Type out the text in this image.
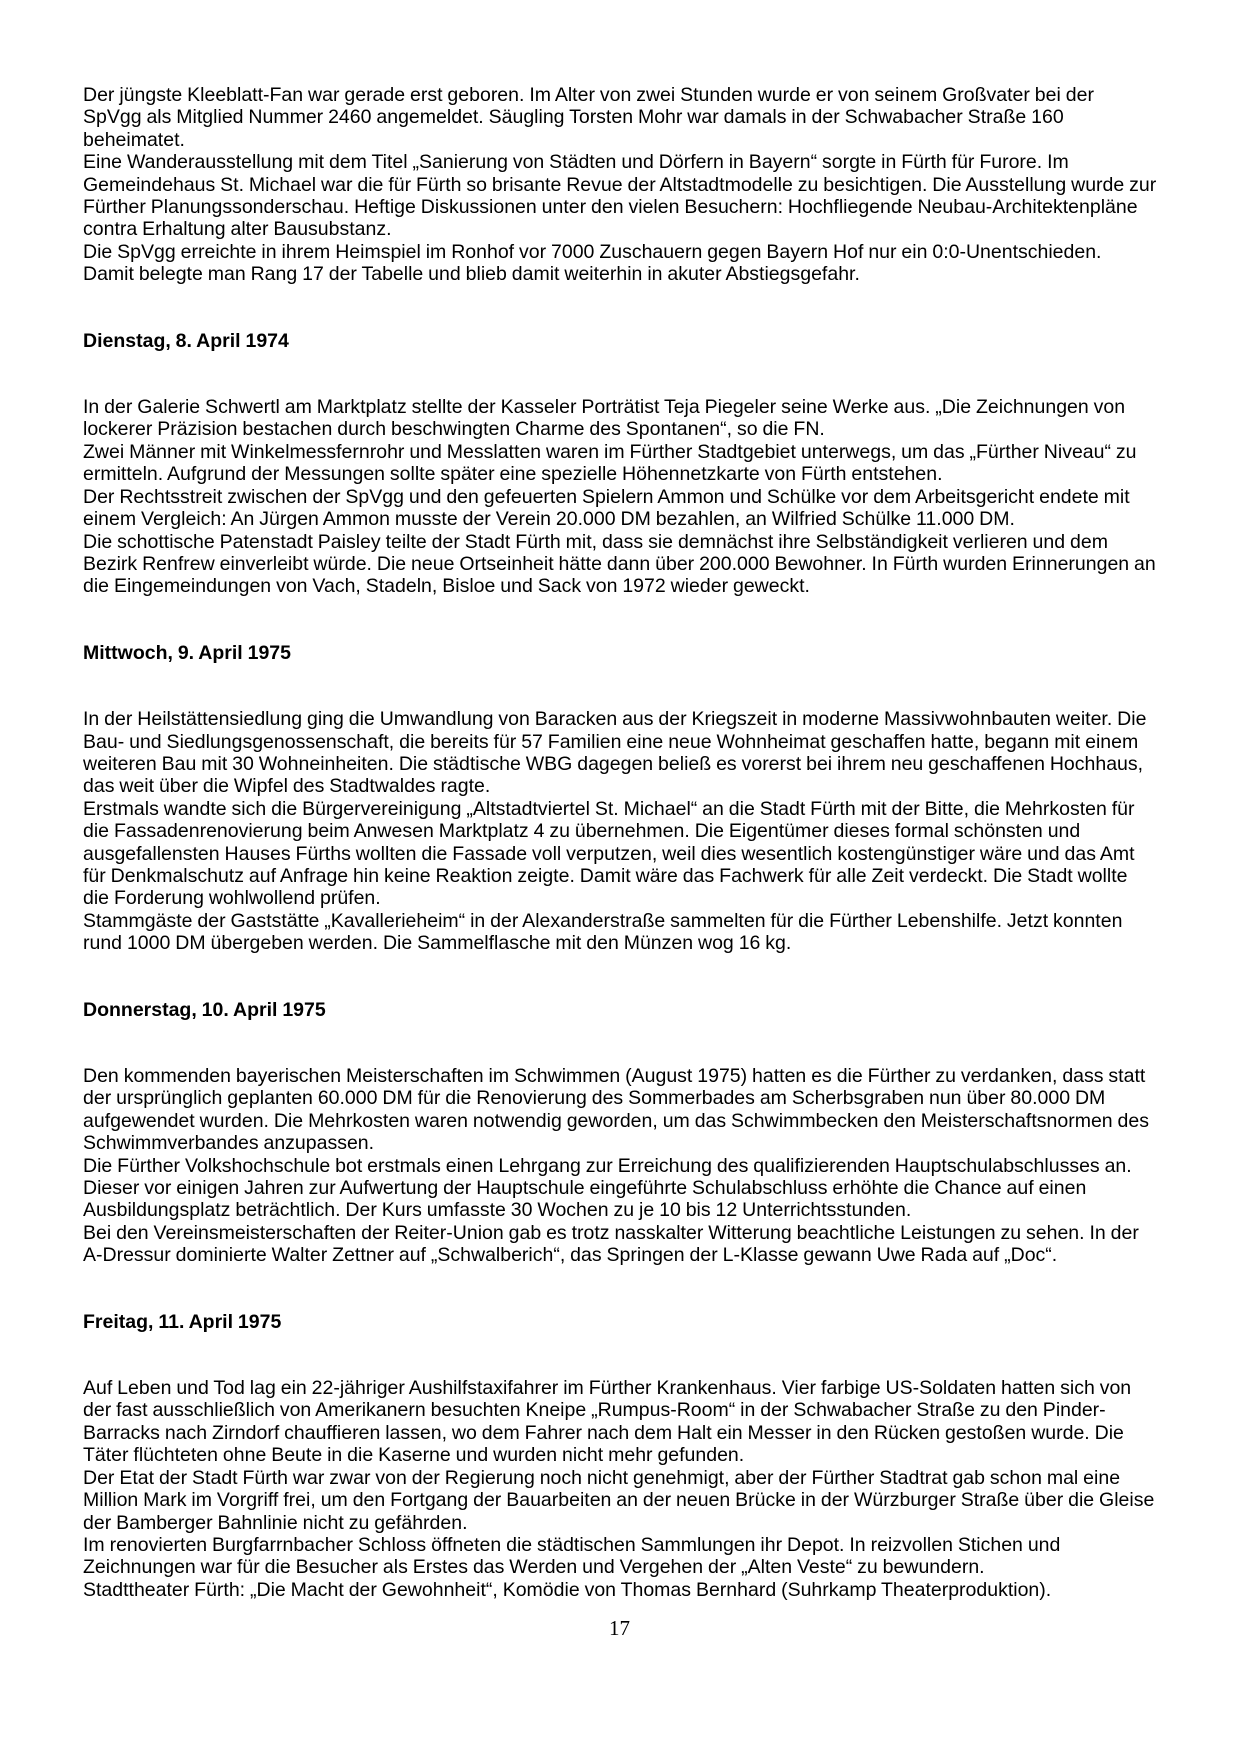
Der jüngste Kleeblatt-Fan war gerade erst geboren. Im Alter von zwei Stunden wurde er von seinem Großvater bei der SpVgg als Mitglied Nummer 2460 angemeldet. Säugling Torsten Mohr war damals in der Schwabacher Straße 160 beheimatet.

Eine Wanderausstellung mit dem Titel „Sanierung von Städten und Dörfern in Bayern“ sorgte in Fürth für Furore. Im Gemeindehaus St. Michael war die für Fürth so brisante Revue der Altstadtmodelle zu besichtigen. Die Ausstellung wurde zur Fürther Planungssonderschau. Heftige Diskussionen unter den vielen Besuchern: Hochfliegende Neubau-Architektenpläne contra Erhaltung alter Bausubstanz.

Die SpVgg erreichte in ihrem Heimspiel im Ronhof vor 7000 Zuschauern gegen Bayern Hof nur ein 0:0-Unentschieden. Damit belegte man Rang 17 der Tabelle und blieb damit weiterhin in akuter Abstiegsgefahr.

Dienstag, 8. April 1974

In der Galerie Schwertl am Marktplatz stellte der Kasseler Porträtist Teja Piegeler seine Werke aus. „Die Zeichnungen von lockerer Präzision bestachen durch beschwingten Charme des Spontanen“, so die FN.

Zwei Männer mit Winkelmessfernrohr und Messlatten waren im Fürther Stadtgebiet unterwegs, um das „Fürther Niveau“ zu ermitteln. Aufgrund der Messungen sollte später eine spezielle Höhennetzkarte von Fürth entstehen.

Der Rechtsstreit zwischen der SpVgg und den gefeuerten Spielern Ammon und Schülke vor dem Arbeitsgericht endete mit einem Vergleich: An Jürgen Ammon musste der Verein 20.000 DM bezahlen, an Wilfried Schülke 11.000 DM.

Die schottische Patenstadt Paisley teilte der Stadt Fürth mit, dass sie demnächst ihre Selbständigkeit verlieren und dem Bezirk Renfrew einverleibt würde. Die neue Ortseinheit hätte dann über 200.000 Bewohner. In Fürth wurden Erinnerungen an die Eingemeindungen von Vach, Stadeln, Bisloe und Sack von 1972 wieder geweckt.

Mittwoch, 9. April 1975

In der Heilstättensiedlung ging die Umwandlung von Baracken aus der Kriegszeit in moderne Massivwohnbauten weiter. Die Bau- und Siedlungsgenossenschaft, die bereits für 57 Familien eine neue Wohnheimat geschaffen hatte, begann mit einem weiteren Bau mit 30 Wohneinheiten. Die städtische WBG dagegen beließ es vorerst bei ihrem neu geschaffenen Hochhaus, das weit über die Wipfel des Stadtwaldes ragte.

Erstmals wandte sich die Bürgervereinigung „Altstadtviertel St. Michael“ an die Stadt Fürth mit der Bitte, die Mehrkosten für die Fassadenrenovierung beim Anwesen Marktplatz 4 zu übernehmen. Die Eigentümer dieses formal schönsten und ausgefallensten Hauses Fürths wollten die Fassade voll verputzen, weil dies wesentlich kostengünstiger wäre und das Amt für Denkmalschutz auf Anfrage hin keine Reaktion zeigte. Damit wäre das Fachwerk für alle Zeit verdeckt. Die Stadt wollte die Forderung wohlwollend prüfen.

Stammgäste der Gaststätte „Kavallerieheim“ in der Alexanderstraße sammelten für die Fürther Lebenshilfe. Jetzt konnten rund 1000 DM übergeben werden. Die Sammelflasche mit den Münzen wog 16 kg.

Donnerstag, 10. April 1975

Den kommenden bayerischen Meisterschaften im Schwimmen (August 1975) hatten es die Fürther zu verdanken, dass statt der ursprünglich geplanten 60.000 DM für die Renovierung des Sommerbades am Scherbsgraben nun über 80.000 DM aufgewendet wurden. Die Mehrkosten waren notwendig geworden, um das Schwimmbecken den Meisterschaftsnormen des Schwimmverbandes anzupassen.

Die Fürther Volkshochschule bot erstmals einen Lehrgang zur Erreichung des qualifizierenden Hauptschulabschlusses an. Dieser vor einigen Jahren zur Aufwertung der Hauptschule eingeführte Schulabschluss erhöhte die Chance auf einen Ausbildungsplatz beträchtlich. Der Kurs umfasste 30 Wochen zu je 10 bis 12 Unterrichtsstunden.

Bei den Vereinsmeisterschaften der Reiter-Union gab es trotz nasskalter Witterung beachtliche Leistungen zu sehen. In der A-Dressur dominierte Walter Zettner auf „Schwalberich“, das Springen der L-Klasse gewann Uwe Rada auf „Doc“.

Freitag, 11. April 1975

Auf Leben und Tod lag ein 22-jähriger Aushilfstaxifahrer im Fürther Krankenhaus. Vier farbige US-Soldaten hatten sich von der fast ausschließlich von Amerikanern besuchten Kneipe „Rumpus-Room“ in der Schwabacher Straße zu den Pinder-Barracks nach Zirndorf chauffieren lassen, wo dem Fahrer nach dem Halt ein Messer in den Rücken gestoßen wurde. Die Täter flüchteten ohne Beute in die Kaserne und wurden nicht mehr gefunden.

Der Etat der Stadt Fürth war zwar von der Regierung noch nicht genehmigt, aber der Fürther Stadtrat gab schon mal eine Million Mark im Vorgriff frei, um den Fortgang der Bauarbeiten an der neuen Brücke in der Würzburger Straße über die Gleise der Bamberger Bahnlinie nicht zu gefährden.

Im renovierten Burgfarrnbacher Schloss öffneten die städtischen Sammlungen ihr Depot. In reizvollen Stichen und Zeichnungen war für die Besucher als Erstes das Werden und Vergehen der „Alten Veste“ zu bewundern.

Stadttheater Fürth: „Die Macht der Gewohnheit“, Komödie von Thomas Bernhard (Suhrkamp Theaterproduktion).

17
